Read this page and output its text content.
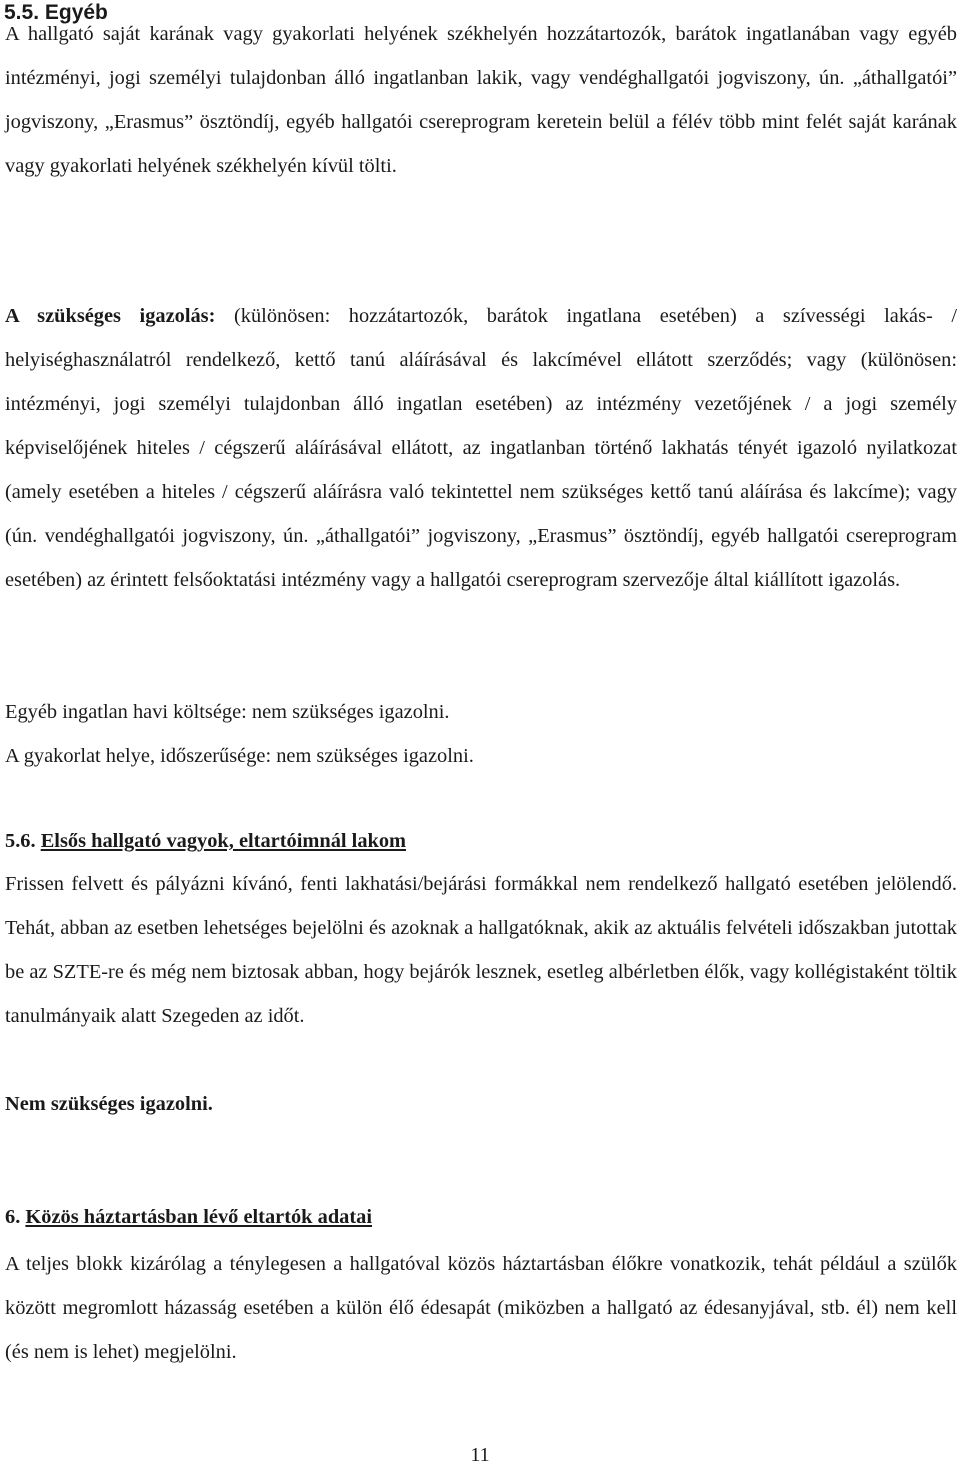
5.5. Egyéb

A hallgató saját karának vagy gyakorlati helyének székhelyén hozzátartozók, barátok ingatlanában vagy egyéb intézményi, jogi személyi tulajdonban álló ingatlanban lakik, vagy vendéghallgatói jogviszony, ún. „áthallgatói” jogviszony, „Erasmus” ösztöndíj, egyéb hallgatói csereprogram keretein belül a félév több mint felét saját karának vagy gyakorlati helyének székhelyén kívül tölti.

A szükséges igazolás: (különösen: hozzátartozók, barátok ingatlana esetében) a szívességi lakás- / helyiséghasználatról rendelkező, kettő tanú aláírásával és lakcímével ellátott szerződés; vagy (különösen: intézményi, jogi személyi tulajdonban álló ingatlan esetében) az intézmény vezetőjének / a jogi személy képviselőjének hiteles / cégszerű aláírásával ellátott, az ingatlanban történő lakhatás tényét igazoló nyilatkozat (amely esetében a hiteles / cégszerű aláírásra való tekintettel nem szükséges kettő tanú aláírása és lakcíme); vagy (ún. vendéghallgatói jogviszony, ún. „áthallgatói” jogviszony, „Erasmus” ösztöndíj, egyéb hallgatói csereprogram esetében) az érintett felsőoktatási intézmény vagy a hallgatói csereprogram szervezője által kiállított igazolás.

Egyéb ingatlan havi költsége: nem szükséges igazolni.

A gyakorlat helye, időszerűsége: nem szükséges igazolni.

5.6. Elsős hallgató vagyok, eltartóimnál lakom

Frissen felvett és pályázni kívánó, fenti lakhatási/bejárási formákkal nem rendelkező hallgató esetében jelölendő. Tehát, abban az esetben lehetséges bejelölni és azoknak a hallgatóknak, akik az aktuális felvételi időszakban jutottak be az SZTE-re és még nem biztosak abban, hogy bejárók lesznek, esetleg albérletben élők, vagy kollégistaként töltik tanulmányaik alatt Szegeden az időt.

Nem szükséges igazolni.

6. Közös háztartásban lévő eltartók adatai

A teljes blokk kizárólag a ténylegesen a hallgatóval közös háztartásban élőkre vonatkozik, tehát például a szülők között megromlott házasság esetében a külön élő édesapát (miközben a hallgató az édesanyjával, stb. él) nem kell (és nem is lehet) megjelölni.

11
